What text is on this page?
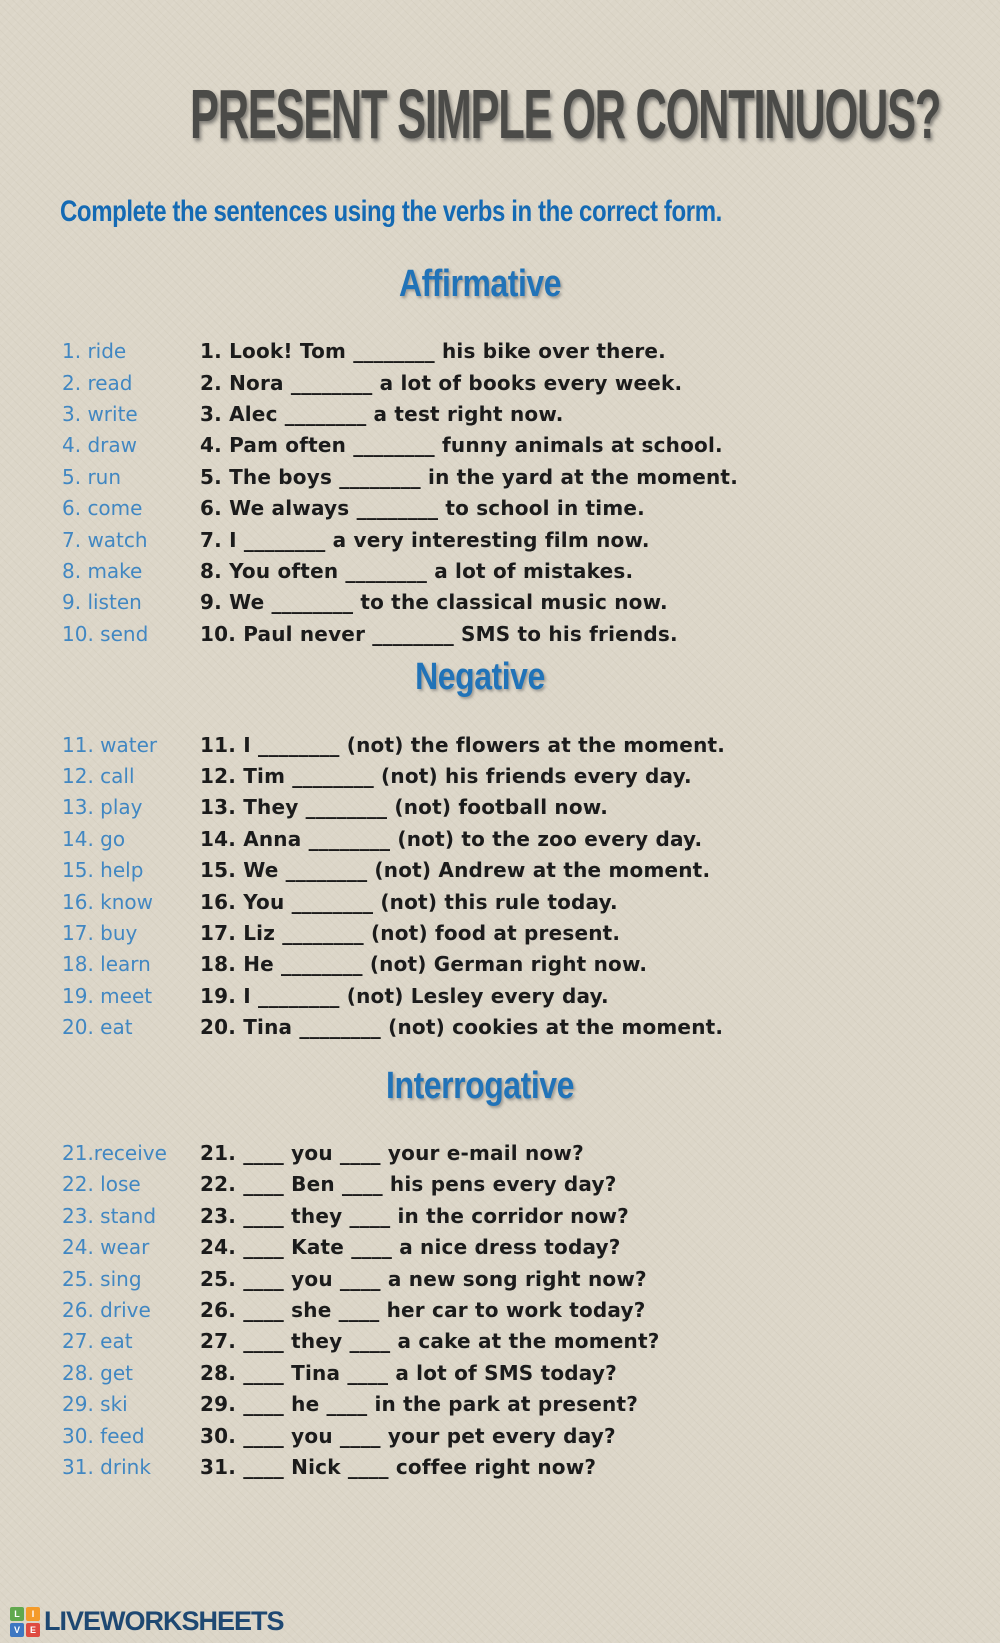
PRESENT SIMPLE OR CONTINUOUS?
Complete the sentences using the verbs in the correct form.
Affirmative
1. ride	1. Look! Tom ________ his bike over there.
2. read	2. Nora ________ a lot of books every week.
3. write	3. Alec ________ a test right now.
4. draw	4. Pam often ________ funny animals at school.
5. run	5. The boys ________ in the yard at the moment.
6. come	6. We always ________ to school in time.
7. watch	7. I ________ a very interesting film now.
8. make	8. You often ________ a lot of mistakes.
9. listen	9. We ________ to the classical music now.
10. send	10. Paul never ________ SMS to his friends.
Negative
11. water	11. I ________ (not) the flowers at the moment.
12. call	12. Tim ________ (not) his friends every day.
13. play	13. They ________ (not) football now.
14. go	14. Anna ________ (not) to the zoo every day.
15. help	15. We ________ (not) Andrew at the moment.
16. know	16. You ________ (not) this rule today.
17. buy	17. Liz ________ (not) food at present.
18. learn	18. He ________ (not) German right now.
19. meet	19. I ________ (not) Lesley every day.
20. eat	20. Tina ________ (not) cookies at the moment.
Interrogative
21.receive	21. ____ you ____ your e-mail now?
22. lose	22. ____ Ben ____ his pens every day?
23. stand	23. ____ they ____ in the corridor now?
24. wear	24. ____ Kate ____ a nice dress today?
25. sing	25. ____ you ____ a new song right now?
26. drive	26. ____ she ____ her car to work today?
27. eat	27. ____ they ____ a cake at the moment?
28. get	28. ____ Tina ____ a lot of SMS today?
29. ski	29. ____ he ____ in the park at present?
30. feed	30. ____ you ____ your pet every day?
31. drink	31. ____ Nick ____ coffee right now?
L	I
V	E LIVEWORKSHEETS
